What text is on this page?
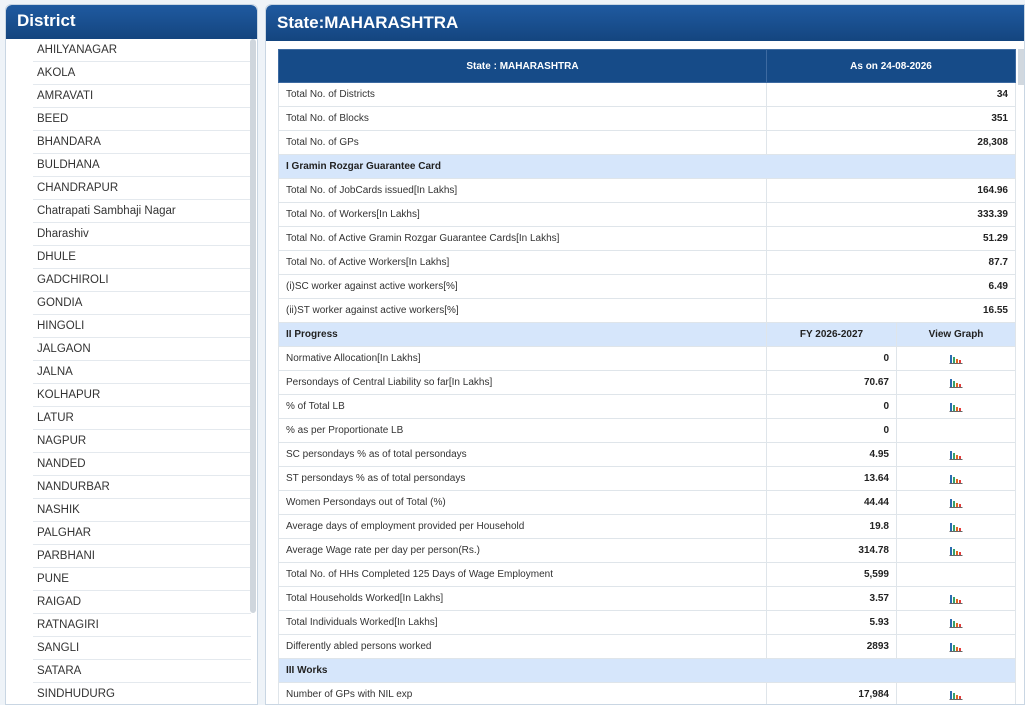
District
AHILYANAGAR
AKOLA
AMRAVATI
BEED
BHANDARA
BULDHANA
CHANDRAPUR
Chatrapati Sambhaji Nagar
Dharashiv
DHULE
GADCHIROLI
GONDIA
HINGOLI
JALGAON
JALNA
KOLHAPUR
LATUR
NAGPUR
NANDED
NANDURBAR
NASHIK
PALGHAR
PARBHANI
PUNE
RAIGAD
RATNAGIRI
SANGLI
SATARA
SINDHUDURG
State:MAHARASHTRA
State : MAHARASHTRA	As on 24-08-2026	
Total No. of Districts	34	
Total No. of Blocks	351	
Total No. of GPs	28,308	
I Gramin Rozgar Guarantee Card		
Total No. of JobCards issued[In Lakhs]	164.96	
Total No. of Workers[In Lakhs]	333.39	
Total No. of Active Gramin Rozgar Guarantee Cards[In Lakhs]	51.29	
Total No. of Active Workers[In Lakhs]	87.7	
(i)SC worker against active workers[%]	6.49	
(ii)ST worker against active workers[%]	16.55	
II Progress	FY 2026-2027	View Graph
Normative Allocation[In Lakhs]	0	
Persondays of Central Liability so far[In Lakhs]	70.67	
% of Total LB	0	
% as per Proportionate LB	0	
SC persondays % as of total persondays	4.95	
ST persondays % as of total persondays	13.64	
Women Persondays out of Total (%)	44.44	
Average days of employment provided per Household	19.8	
Average Wage rate per day per person(Rs.)	314.78	
Total No. of HHs Completed 125 Days of Wage Employment	5,599	
Total Households Worked[In Lakhs]	3.57	
Total Individuals Worked[In Lakhs]	5.93	
Differently abled persons worked	2893	
III Works		
Number of GPs with NIL exp	17,984	
